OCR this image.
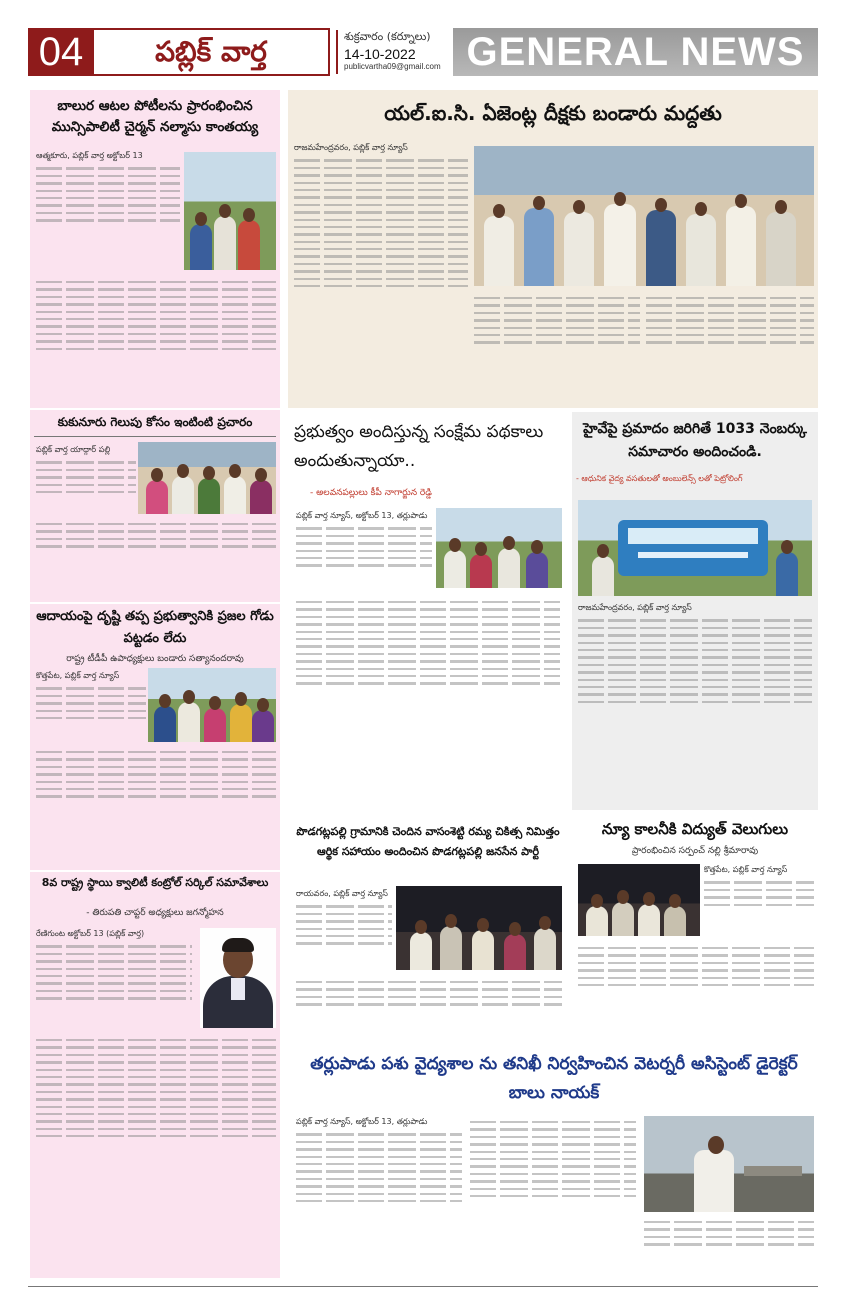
04	పబ్లిక్ వార్త	శుక్రవారం (కర్నూలు)
14-10-2022
publicvartha09@gmail.com GENERAL NEWS
బాలుర ఆటల పోటీలను ప్రారంభించిన మున్సిపాలిటీ చైర్మన్ నల్మాసు కాంతయ్య
ఆత్మకూరు, పబ్లిక్ వార్త అక్టోబర్ 13
కుకునూరు గెలుపు కోసం ఇంటింటి ప్రచారం
పబ్లిక్ వార్త యాద్గార్ పల్లి
ఆదాయంపై దృష్టి తప్ప ప్రభుత్వానికి ప్రజల గోడు పట్టడం లేదు
రాష్ట్ర టీడీపీ ఉపాధ్యక్షులు బండారు సత్యానందరావు
కొత్తపేట, పబ్లిక్ వార్త న్యూస్
8వ రాష్ట్ర స్థాయి క్వాలిటీ కంట్రోల్ సర్కిల్ సమావేశాలు
- తిరుపతి చాప్టర్ అధ్యక్షులు జగన్మోహన
రేణిగుంట అక్టోబర్ 13 (పబ్లిక్ వార్త)
యల్.ఐ.సి. ఏజెంట్ల దీక్షకు బండారు మద్దతు
రాజమహేంద్రవరం, పబ్లిక్ వార్త న్యూస్
ప్రభుత్వం అందిస్తున్న సంక్షేమ పథకాలు అందుతున్నాయా..
- అలవనపల్లులు కీపీ నాగార్జున రెడ్డి
పబ్లిక్ వార్త న్యూస్, అక్టోబర్ 13, తర్లుపాడు
హైవేపై ప్రమాదం జరిగితే 1033 నెంబర్కు సమాచారం అందించండి.
- ఆధునిక వైద్య వసతులతో అంబులెన్స్ లతో పెట్రోలింగ్
రాజమహేంద్రవరం, పబ్లిక్ వార్త న్యూస్
పొడగట్లపల్లి గ్రామానికి చెందిన వాసంశెట్టి రమ్య చికిత్స నిమిత్తం ఆర్థిక సహాయం అందించిన పొడగట్లపల్లి జనసేన పార్టీ
రాయవరం, పబ్లిక్ వార్త న్యూస్
న్యూ కాలనీకి విద్యుత్ వెలుగులు
ప్రారంభించిన సర్పంచ్ నల్లి శ్రీమారావు
కొత్తపేట, పబ్లిక్ వార్త న్యూస్
తర్లుపాడు పశు వైద్యశాల ను తనిఖీ నిర్వహించిన వెటర్నరీ అసిస్టెంట్ డైరెక్టర్ బాలు నాయక్
పబ్లిక్ వార్త న్యూస్, అక్టోబర్ 13, తర్లుపాడు
